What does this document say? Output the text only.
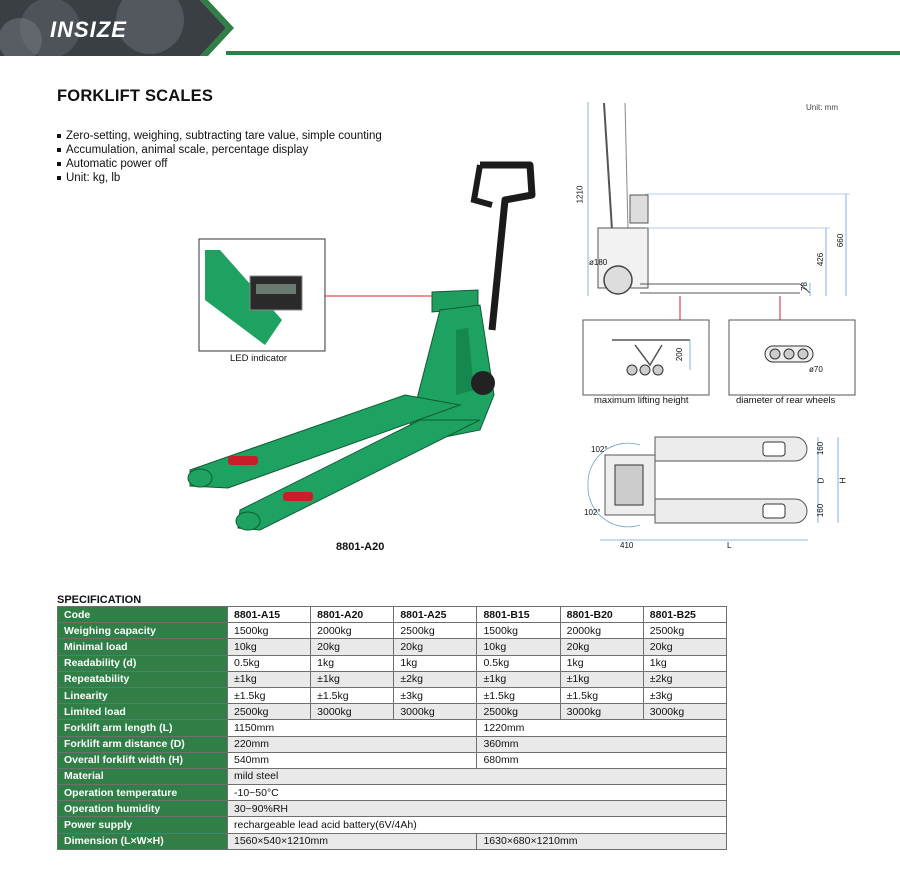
INSIZE
FORKLIFT SCALES
Zero-setting, weighing, subtracting tare value, simple counting
Accumulation, animal scale, percentage display
Automatic power off
Unit: kg, lb
LED indicator
8801-A20
Unit: mm
1210
ø180
78
426
660
200
maximum lifting height
ø70
diameter of rear wheels
102°
102°
160
D
160
H
410	L
SPECIFICATION
Code	8801-A15	8801-A20	8801-A25	8801-B15	8801-B20	8801-B25
Weighing capacity	1500kg	2000kg	2500kg	1500kg	2000kg	2500kg
Minimal load	10kg	20kg	20kg	10kg	20kg	20kg
Readability (d)	0.5kg	1kg	1kg	0.5kg	1kg	1kg
Repeatability	±1kg	±1kg	±2kg	±1kg	±1kg	±2kg
Linearity	±1.5kg	±1.5kg	±3kg	±1.5kg	±1.5kg	±3kg
Limited load	2500kg	3000kg	3000kg	2500kg	3000kg	3000kg
Forklift arm length (L)	1150mm			1220mm		
Forklift arm distance (D)	220mm			360mm		
Overall forklift width (H)	540mm			680mm		
Material	mild steel					
Operation temperature	-10~50°C					
Operation humidity	30~90%RH					
Power supply	rechargeable lead acid battery(6V/4Ah)					
Dimension (L×W×H)	1560×540×1210mm			1630×680×1210mm		
